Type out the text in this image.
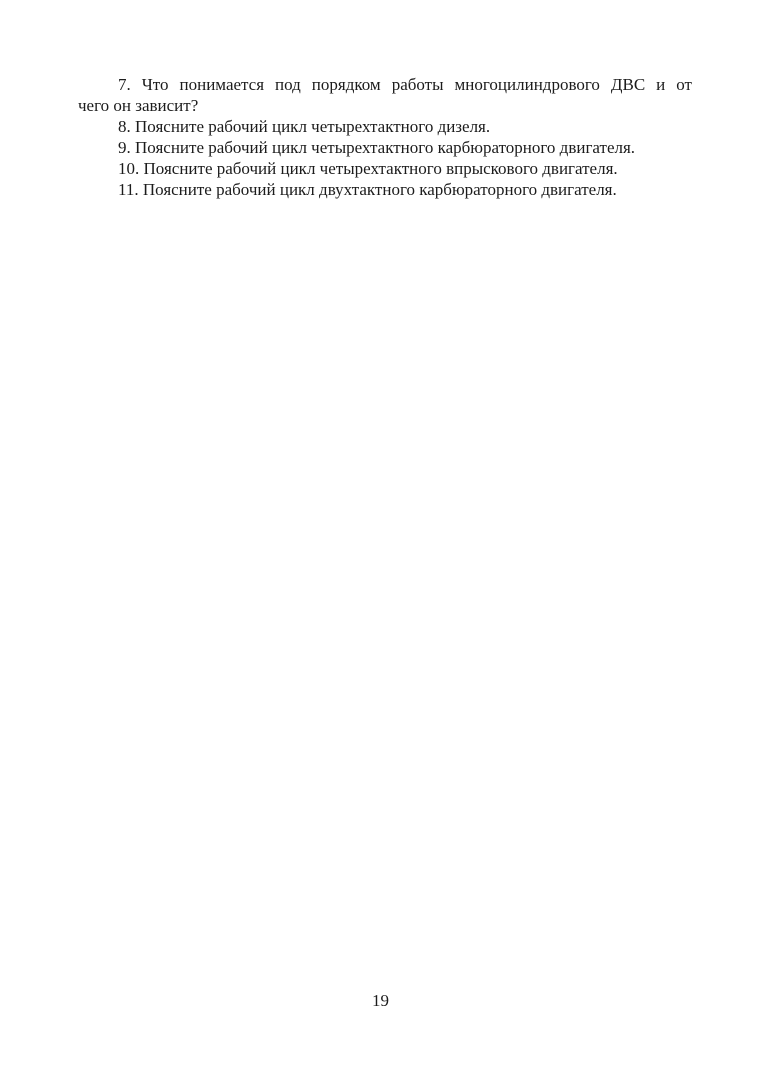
7. Что понимается под порядком работы многоцилиндрового ДВС и от
чего он зависит?

8. Поясните рабочий цикл четырехтактного дизеля.

9. Поясните рабочий цикл четырехтактного карбюраторного двигателя.

10. Поясните рабочий цикл четырехтактного впрыскового двигателя.

11. Поясните рабочий цикл двухтактного карбюраторного двигателя.

19
